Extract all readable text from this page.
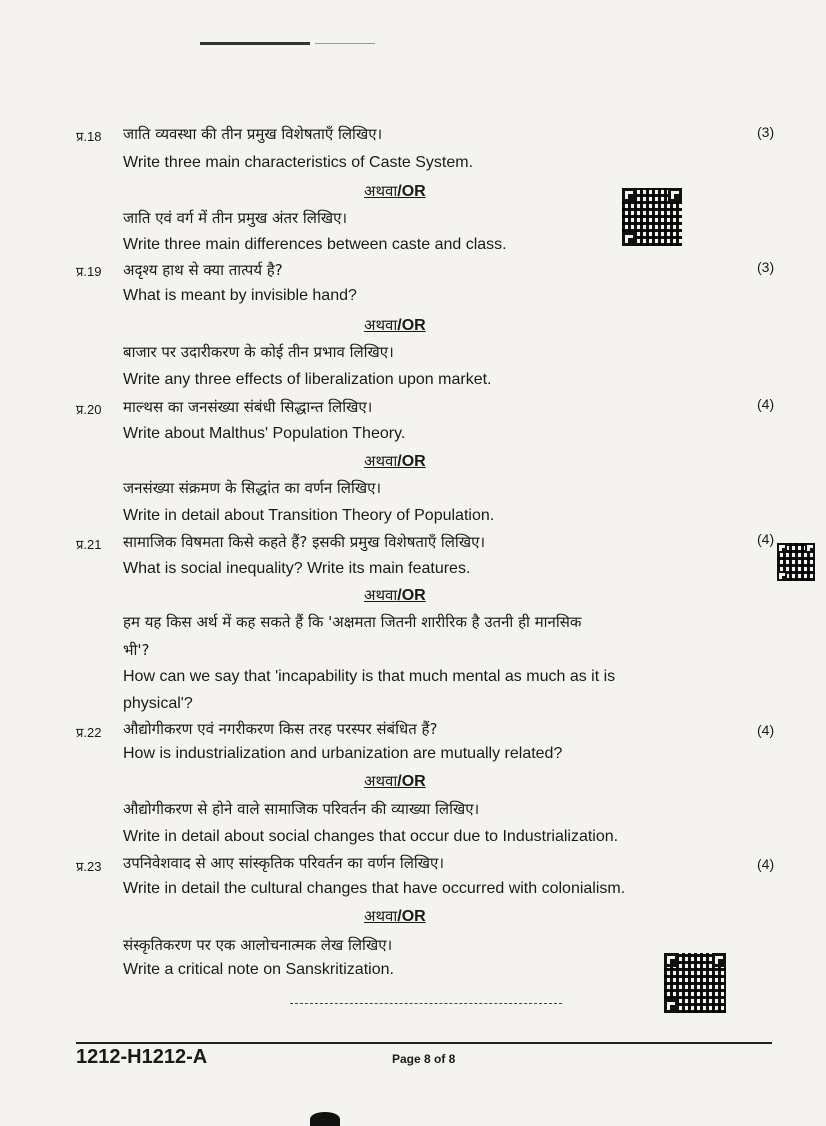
प्र.18 जाति व्यवस्था की तीन प्रमुख विशेषताएँ लिखिए।	(3)
Write three main characteristics of Caste System.
अथवा/OR
जाति एवं वर्ग में तीन प्रमुख अंतर लिखिए।
Write three main differences between caste and class.
प्र.19 अदृश्य हाथ से क्या तात्पर्य है?	(3)
What is meant by invisible hand?
अथवा/OR
बाजार पर उदारीकरण के कोई तीन प्रभाव लिखिए।
Write any three effects of liberalization upon market.
प्र.20 माल्थस का जनसंख्या संबंधी सिद्धान्त लिखिए।	(4)
Write about Malthus' Population Theory.
अथवा/OR
जनसंख्या संक्रमण के सिद्धांत का वर्णन लिखिए।
Write in detail about Transition Theory of Population.
प्र.21 सामाजिक विषमता किसे कहते हैं? इसकी प्रमुख विशेषताएँ लिखिए।	(4)
What is social inequality? Write its main features.
अथवा/OR
हम यह किस अर्थ में कह सकते हैं कि 'अक्षमता जितनी शारीरिक है उतनी ही मानसिक
भी'?
How can we say that 'incapability is that much mental as much as it is
physical'?
प्र.22 औद्योगीकरण एवं नगरीकरण किस तरह परस्पर संबंधित हैं?	(4)
How is industrialization and urbanization are mutually related?
अथवा/OR
औद्योगीकरण से होने वाले सामाजिक परिवर्तन की व्याख्या लिखिए।
Write in detail about social changes that occur due to Industrialization.
प्र.23 उपनिवेशवाद से आए सांस्कृतिक परिवर्तन का वर्णन लिखिए।	(4)
Write in detail the cultural changes that have occurred with colonialism.
अथवा/OR
संस्कृतिकरण पर एक आलोचनात्मक लेख लिखिए।
Write a critical note on Sanskritization.
1212-H1212-A	Page 8 of 8
